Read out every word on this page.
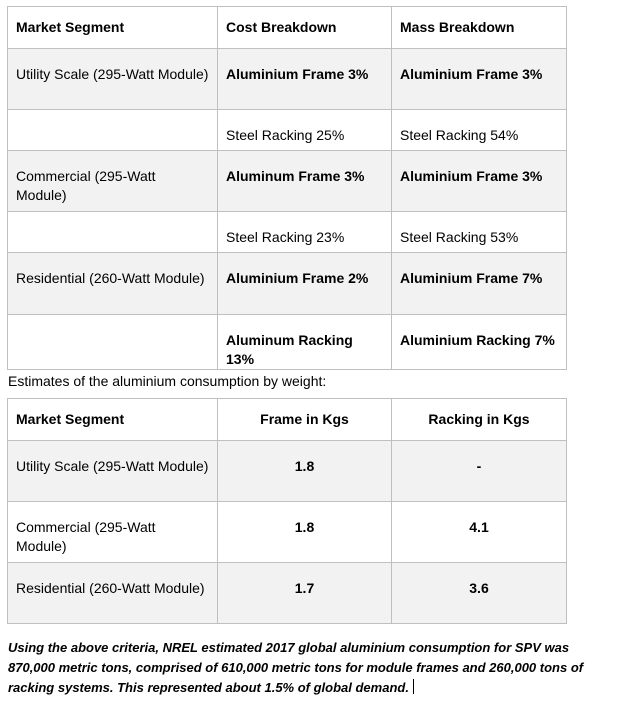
Market Segment	Cost Breakdown	Mass Breakdown
Utility Scale (295-Watt Module)	Aluminium Frame 3%	Aluminium Frame 3%
	Steel Racking 25%	Steel Racking 54%
Commercial (295-Watt Module)	Aluminum Frame 3%	Aluminium Frame 3%
	Steel Racking 23%	Steel Racking 53%
Residential (260-Watt Module)	Aluminium Frame 2%	Aluminium Frame 7%
	Aluminum Racking 13%	Aluminium Racking 7%
Estimates of the aluminium consumption by weight:
Market Segment	Frame in Kgs	Racking in Kgs
Utility Scale (295-Watt Module)	1.8	-
Commercial (295-Watt Module)	1.8	4.1
Residential (260-Watt Module)	1.7	3.6
Using the above criteria, NREL estimated 2017 global aluminium consumption for SPV was 870,000 metric tons, comprised of 610,000 metric tons for module frames and 260,000 tons of racking systems. This represented about 1.5% of global demand.
